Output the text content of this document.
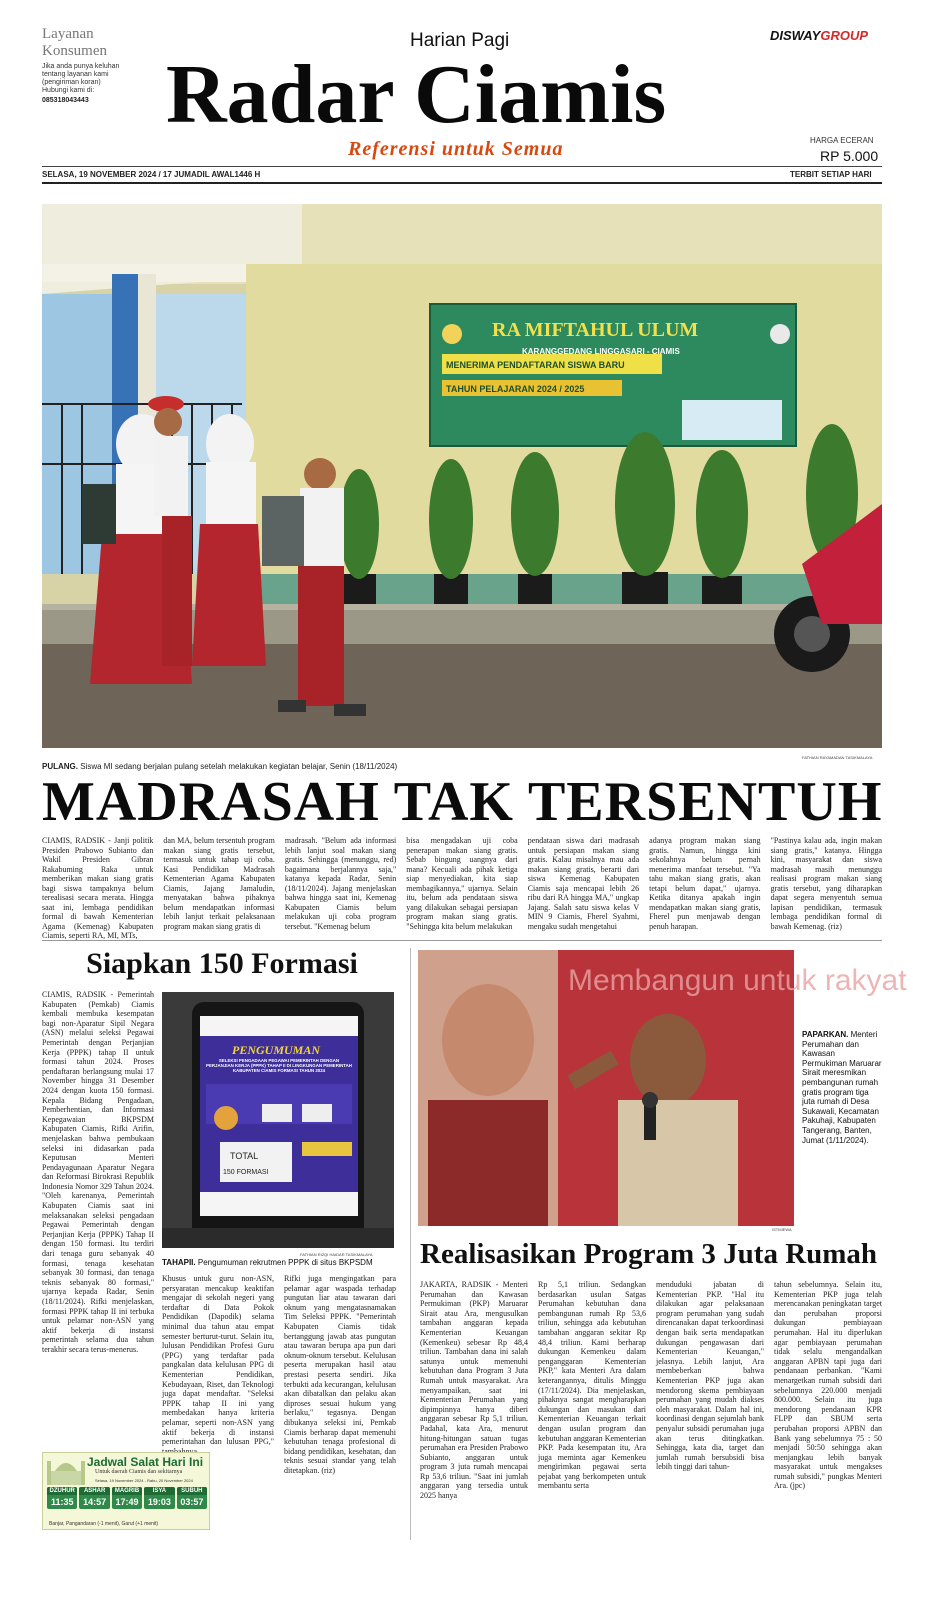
Layanan Konsumen
Jika anda punya keluhan tentang layanan kami (pengiriman koran) Hubungi kami di:
085318043443
Harian Pagi
Radar Ciamis
Referensi untuk Semua
DISWAYGROUP
HARGA ECERAN
RP 5.000
SELASA, 19 NOVEMBER 2024 / 17 JUMADIL AWAL1446 H	TERBIT SETIAP HARI
RA MIFTAHUL ULUM
KARANGGEDANG LINGGASARI - CIAMIS
MENERIMA PENDAFTARAN SISWA BARU
TAHUN PELAJARAN 2024 / 2025
FATHIAN RAYAMADAN TASIKMALAYA
PULANG. Siswa MI sedang berjalan pulang setelah melakukan kegiatan belajar, Senin (18/11/2024)
MADRASAH TAK TERSENTUH
CIAMIS, RADSIK - Janji politik Presiden Prabowo Subianto dan Wakil Presiden Gibran Rakabuming Raka untuk memberikan makan siang gratis bagi siswa tampaknya belum terealisasi secara merata. Hingga saat ini, lembaga pendidikan formal di bawah Kementerian Agama (Kemenag) Kabupaten Ciamis, seperti RA, MI, MTs,
dan MA, belum tersentuh program makan siang gratis tersebut, termasuk untuk tahap uji coba. Kasi Pendidikan Madrasah Kementerian Agama Kabupaten Ciamis, Jajang Jamaludin, menyatakan bahwa pihaknya belum mendapatkan informasi lebih lanjut terkait pelaksanaan program makan siang gratis di
madrasah. "Belum ada informasi lebih lanjut soal makan siang gratis. Sehingga (menunggu, red) bagaimana berjalannya saja," katanya kepada Radar, Senin (18/11/2024). Jajang menjelaskan bahwa hingga saat ini, Kemenag Kabupaten Ciamis belum melakukan uji coba program tersebut. "Kemenag belum
bisa mengadakan uji coba penerapan makan siang gratis. Sebab bingung uangnya dari mana? Kecuali ada pihak ketiga siap menyediakan, kita siap membagikannya," ujarnya. Selain itu, belum ada pendataan siswa yang dilakukan sebagai persiapan program makan siang gratis. "Sehingga kita belum melakukan
pendataan siswa dari madrasah untuk persiapan makan siang gratis. Kalau misalnya mau ada makan siang gratis, berarti dari siswa Kemenag Kabupaten Ciamis saja mencapai lebih 26 ribu dari RA hingga MA," ungkap Jajang. Salah satu siswa kelas V MIN 9 Ciamis, Fherel Syahmi, mengaku sudah mengetahui
adanya program makan siang gratis. Namun, hingga kini sekolahnya belum pernah menerima manfaat tersebut. "Ya tahu makan siang gratis, akan tetapi belum dapat," ujarnya. Ketika ditanya apakah ingin mendapatkan makan siang gratis, Fherel pun menjawab dengan penuh harapan.
"Pastinya kalau ada, ingin makan siang gratis," katanya. Hingga kini, masyarakat dan siswa madrasah masih menunggu realisasi program makan siang gratis tersebut, yang diharapkan dapat segera menyentuh semua lapisan pendidikan, termasuk lembaga pendidikan formal di bawah Kemenag. (riz)
Siapkan 150 Formasi
CIAMIS, RADSIK - Pemerintah Kabupaten (Pemkab) Ciamis kembali membuka kesempatan bagi non-Aparatur Sipil Negara (ASN) melalui seleksi Pegawai Pemerintah dengan Perjanjian Kerja (PPPK) tahap II untuk formasi tahun 2024. Proses pendaftaran berlangsung mulai 17 November hingga 31 Desember 2024 dengan kuota 150 formasi. Kepala Bidang Pengadaan, Pemberhentian, dan Informasi Kepegawaian BKPSDM Kabupaten Ciamis, Rifki Arifin, menjelaskan bahwa pembukaan seleksi ini didasarkan pada Keputusan Menteri Pendayagunaan Aparatur Negara dan Reformasi Birokrasi Republik Indonesia Nomor 329 Tahun 2024. "Oleh karenanya, Pemerintah Kabupaten Ciamis saat ini melaksanakan seleksi pengadaan Pegawai Pemerintah dengan Perjanjian Kerja (PPPK) Tahap II dengan 150 formasi. Itu terdiri dari tenaga guru sebanyak 40 formasi, tenaga kesehatan sebanyak 30 formasi, dan tenaga teknis sebanyak 80 formasi," ujarnya kepada Radar, Senin (18/11/2024). Rifki menjelaskan, formasi PPPK tahap II ini terbuka untuk pelamar non-ASN yang aktif bekerja di instansi pemerintah selama dua tahun terakhir secara terus-menerus.
PENGUMUMAN
SELEKSI PENGADAAN PEGAWAI PEMERINTAH DENGAN PERJANJIAN KERJA (PPPK) TAHAP II DI LINGKUNGAN PEMERINTAH KABUPATEN CIAMIS FORMASI TAHUN 2024
TOTAL
150 FORMASI
FATHIAN RIZQI HAIDAR TASIKMALAYA
TAHAPII. Pengumuman rekrutmen PPPK di situs BKPSDM
Khusus untuk guru non-ASN, persyaratan mencakup keaktifan mengajar di sekolah negeri yang terdaftar di Data Pokok Pendidikan (Dapodik) selama minimal dua tahun atau empat semester berturut-turut. Selain itu, lulusan Pendidikan Profesi Guru (PPG) yang terdaftar pada pangkalan data kelulusan PPG di Kementerian Pendidikan, Kebudayaan, Riset, dan Teknologi juga dapat mendaftar. "Seleksi PPPK tahap II ini yang membedakan hanya kriteria pelamar, seperti non-ASN yang aktif bekerja di instansi pemerintahan dan lulusan PPG,"
Rifki juga mengingatkan para pelamar agar waspada terhadap pungutan liar atau tawaran dari oknum yang mengatasnamakan Tim Seleksi PPPK. "Pemerintah Kabupaten Ciamis tidak bertanggung jawab atas pungutan atau tawaran berupa apa pun dari oknum-oknum tersebut. Kelulusan peserta merupakan hasil atau prestasi peserta sendiri. Jika terbukti ada kecurangan, kelulusan akan dibatalkan dan pelaku akan diproses sesuai hukum yang berlaku," tegasnya. Dengan dibukanya seleksi ini, Pemkab Ciamis berharap dapat memenuhi kebutuhan tenaga profesional di bidang pendidikan, kesehatan, dan teknis sesuai standar yang telah ditetapkan. (riz)
Jadwal Salat Hari Ini
Untuk daerah Ciamis dan sekitarnya
Selasa, 19 November 2024 - Rabu, 20 November 2024
DZUHUR
11:35
ASHAR
14:57
MAGRIB
17:49
ISYA
19:03
SUBUH
03:57
Banjar, Pangandaran (-1 menit), Garut (+1 menit)
Membangun untuk rakyat
PAPARKAN. Menteri Perumahan dan Kawasan Permukiman Maruarar Sirait meresmikan pembangunan rumah gratis program tiga juta rumah di Desa Sukawali, Kecamatan Pakuhaji, Kabupaten Tangerang, Banten, Jumat (1/11/2024).
ISTIMEWA
Realisasikan Program 3 Juta Rumah
JAKARTA, RADSIK - Menteri Perumahan dan Kawasan Permukiman (PKP) Maruarar Sirait atau Ara, mengusulkan tambahan anggaran kepada Kementerian Keuangan (Kemenkeu) sebesar Rp 48,4 triliun. Tambahan dana ini salah satunya untuk memenuhi kebutuhan dana Program 3 Juta Rumah untuk masyarakat. Ara menyampaikan, saat ini Kementerian Perumahan yang dipimpinnya hanya diberi anggaran sebesar Rp 5,1 triliun. Padahal, kata Ara, menurut hitung-hitungan satuan tugas perumahan era Presiden Prabowo Subianto, anggaran untuk program 3 juta rumah mencapai Rp 53,6 triliun. "Saat ini jumlah anggaran yang tersedia untuk 2025 hanya
Rp 5,1 triliun. Sedangkan berdasarkan usulan Satgas Perumahan kebutuhan dana pembangunan rumah Rp 53,6 triliun, sehingga ada kebutuhan tambahan anggaran sekitar Rp 48,4 triliun. Kami berharap dukungan Kemenkeu dalam penganggaran Kementerian PKP," kata Menteri Ara dalam keterangannya, ditulis Minggu (17/11/2024). Dia menjelaskan, pihaknya sangat mengharapkan dukungan dan masukan dari Kementerian Keuangan terkait dengan usulan program dan kebutuhan anggaran Kementerian PKP. Pada kesempatan itu, Ara juga meminta agar Kemenkeu mengirimkan pegawai serta pejabat yang berkompeten untuk membantu serta
menduduki jabatan di Kementerian PKP. "Hal itu dilakukan agar pelaksanaan program perumahan yang sudah direncanakan dapat terkoordinasi dengan baik serta mendapatkan dukungan pengawasan dari Kementerian Keuangan," jelasnya. Lebih lanjut, Ara membeberkan bahwa Kementerian PKP juga akan mendorong skema pembiayaan perumahan yang mudah diakses oleh masyarakat. Dalam hal ini, koordinasi dengan sejumlah bank penyalur subsidi perumahan juga akan terus ditingkatkan. Sehingga, kata dia, target dan jumlah rumah bersubsidi bisa lebih tinggi dari tahun-
tahun sebelumnya. Selain itu, Kementerian PKP juga telah merencanakan peningkatan target dan perubahan proporsi dukungan pembiayaan perumahan. Hal itu diperlukan agar pembiayaan perumahan tidak selalu mengandalkan anggaran APBN tapi juga dari pendanaan perbankan. "Kami menargetkan rumah subsidi dari sebelumnya 220.000 menjadi 800.000. Selain itu juga mendorong pendanaan KPR FLPP dan SBUM serta perubahan proporsi APBN dan Bank yang sebelumnya 75 : 50 menjadi 50:50 sehingga akan menjangkau lebih banyak masyarakat untuk mengakses rumah subsidi," pungkas Menteri Ara. (jpc)
